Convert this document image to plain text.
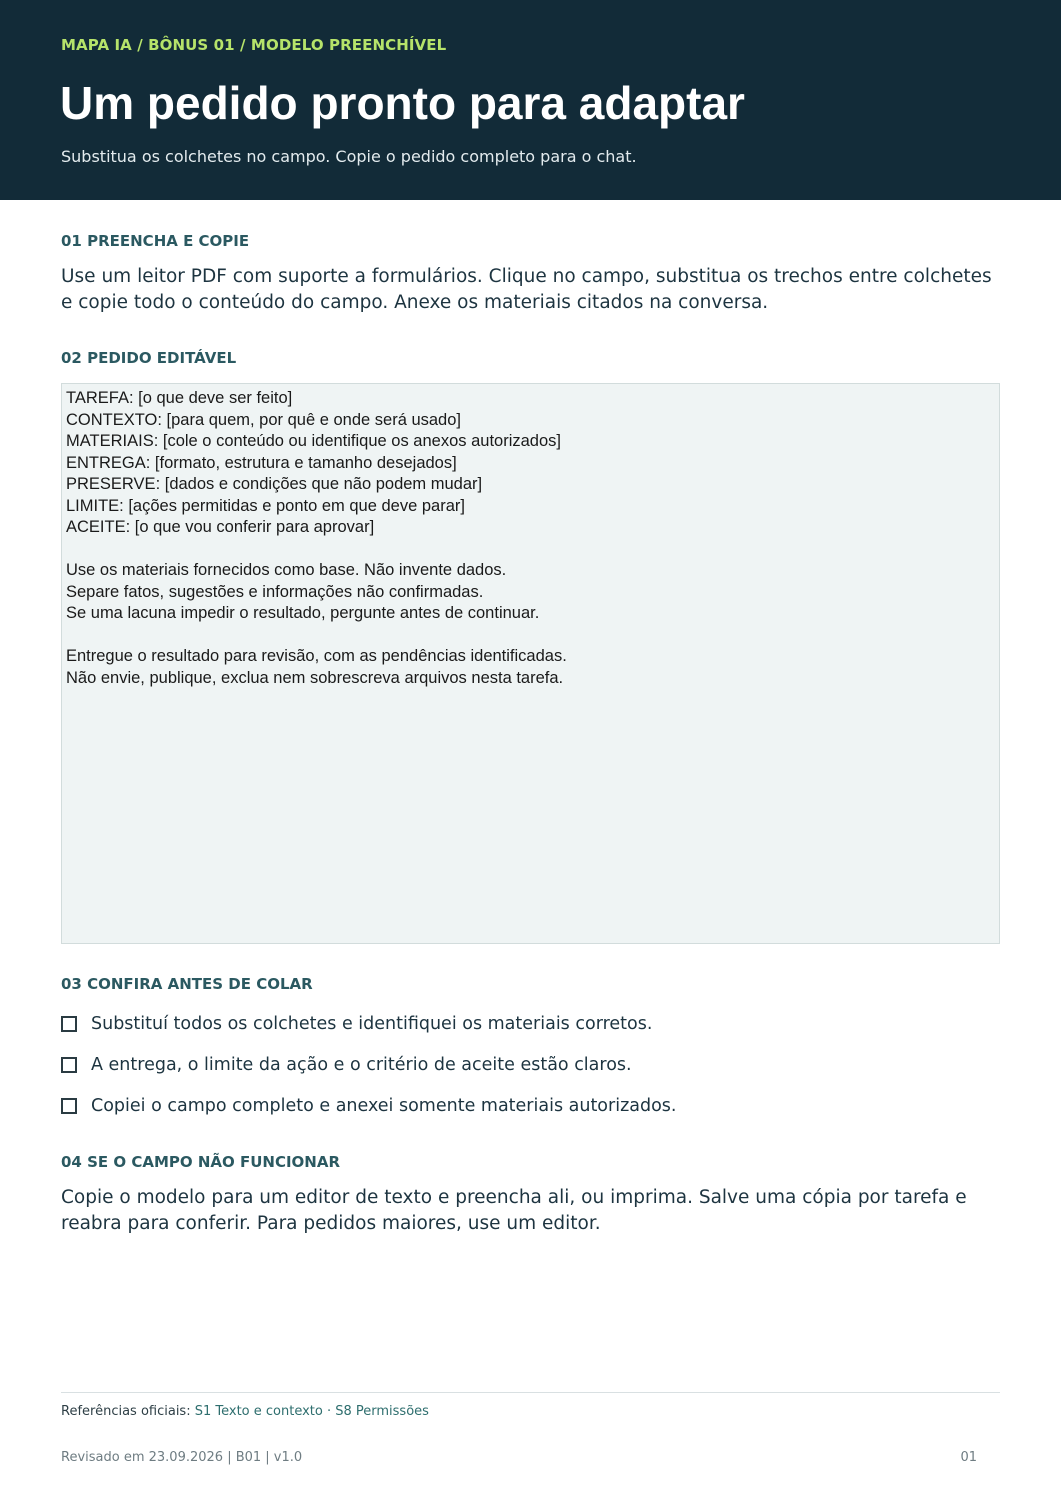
MAPA IA / BÔNUS 01 / MODELO PREENCHÍVEL
Um pedido pronto para adaptar
Substitua os colchetes no campo. Copie o pedido completo para o chat.
01 PREENCHA E COPIE

Use um leitor PDF com suporte a formulários. Clique no campo, substitua os trechos entre colchetes e copie todo o conteúdo do campo. Anexe os materiais citados na conversa.

02 PEDIDO EDITÁVEL
TAREFA: [o que deve ser feito]
CONTEXTO: [para quem, por quê e onde será usado]
MATERIAIS: [cole o conteúdo ou identifique os anexos autorizados]
ENTREGA: [formato, estrutura e tamanho desejados]
PRESERVE: [dados e condições que não podem mudar]
LIMITE: [ações permitidas e ponto em que deve parar]
ACEITE: [o que vou conferir para aprovar]

Use os materiais fornecidos como base. Não invente dados.
Separe fatos, sugestões e informações não confirmadas.
Se uma lacuna impedir o resultado, pergunte antes de continuar.

Entregue o resultado para revisão, com as pendências identificadas.
Não envie, publique, exclua nem sobrescreva arquivos nesta tarefa.
03 CONFIRA ANTES DE COLAR
Substituí todos os colchetes e identifiquei os materiais corretos.
A entrega, o limite da ação e o critério de aceite estão claros.
Copiei o campo completo e anexei somente materiais autorizados.
04 SE O CAMPO NÃO FUNCIONAR

Copie o modelo para um editor de texto e preencha ali, ou imprima. Salve uma cópia por tarefa e reabra para conferir. Para pedidos maiores, use um editor.

Referências oficiais: S1 Texto e contexto · S8 Permissões
Revisado em 23.09.2026 | B01 | v1.0	01
